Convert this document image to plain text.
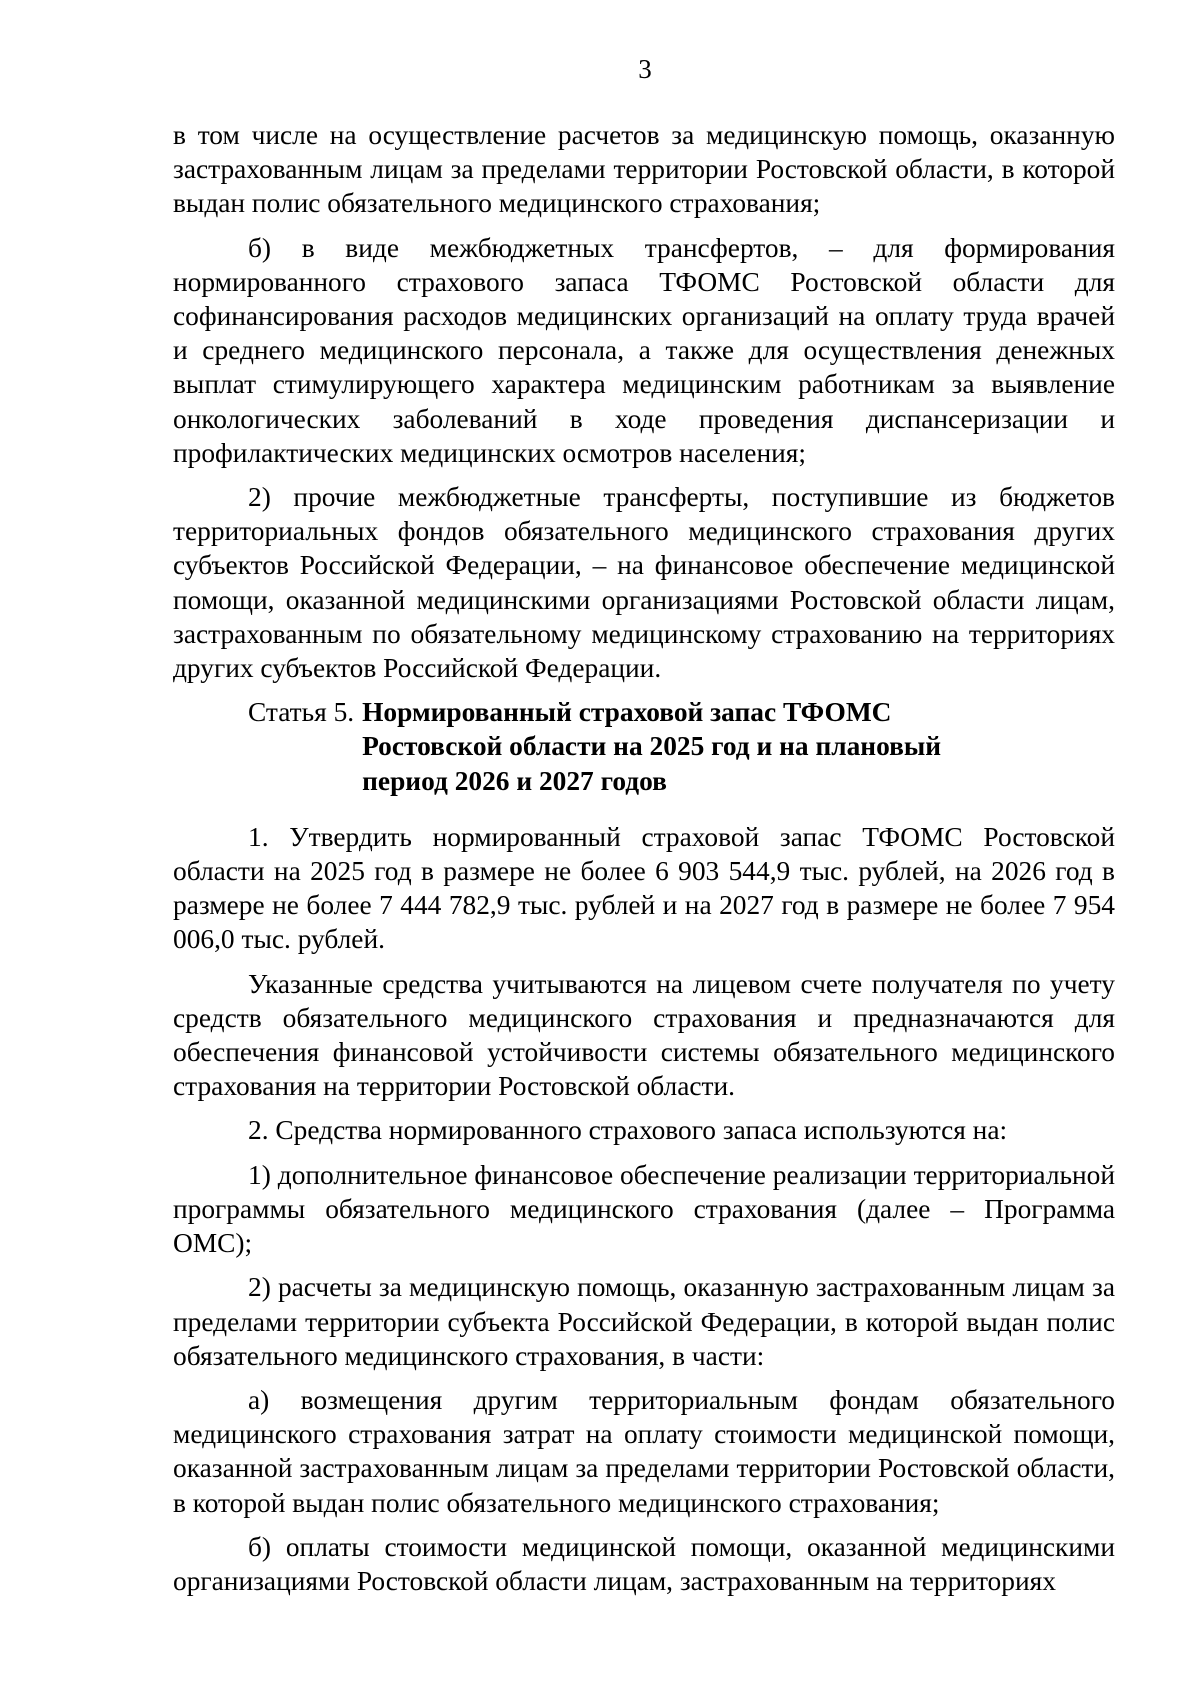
3

в том числе на осуществление расчетов за медицинскую помощь, оказанную застрахованным лицам за пределами территории Ростовской области, в которой выдан полис обязательного медицинского страхования;

б) в виде межбюджетных трансфертов, – для формирования нормированного страхового запаса ТФОМС Ростовской области для софинансирования расходов медицинских организаций на оплату труда врачей и среднего медицинского персонала, а также для осуществления денежных выплат стимулирующего характера медицинским работникам за выявление онкологических заболеваний в ходе проведения диспансеризации и профилактических медицинских осмотров населения;

2) прочие межбюджетные трансферты, поступившие из бюджетов территориальных фондов обязательного медицинского страхования других субъектов Российской Федерации, – на финансовое обеспечение медицинской помощи, оказанной медицинскими организациями Ростовской области лицам, застрахованным по обязательному медицинскому страхованию на территориях других субъектов Российской Федерации.

Статья 5. Нормированный страховой запас ТФОМС
Ростовской области на 2025 год и на плановый
период 2026 и 2027 годов

1. Утвердить нормированный страховой запас ТФОМС Ростовской области на 2025 год в размере не более 6 903 544,9 тыс. рублей, на 2026 год в размере не более 7 444 782,9 тыс. рублей и на 2027 год в размере не более 7 954 006,0 тыс. рублей.

Указанные средства учитываются на лицевом счете получателя по учету средств обязательного медицинского страхования и предназначаются для обеспечения финансовой устойчивости системы обязательного медицинского страхования на территории Ростовской области.

2. Средства нормированного страхового запаса используются на:

1) дополнительное финансовое обеспечение реализации территориальной программы обязательного медицинского страхования (далее – Программа ОМС);

2) расчеты за медицинскую помощь, оказанную застрахованным лицам за пределами территории субъекта Российской Федерации, в которой выдан полис обязательного медицинского страхования, в части:

а) возмещения другим территориальным фондам обязательного медицинского страхования затрат на оплату стоимости медицинской помощи, оказанной застрахованным лицам за пределами территории Ростовской области, в которой выдан полис обязательного медицинского страхования;

б) оплаты стоимости медицинской помощи, оказанной медицинскими организациями Ростовской области лицам, застрахованным на территориях
